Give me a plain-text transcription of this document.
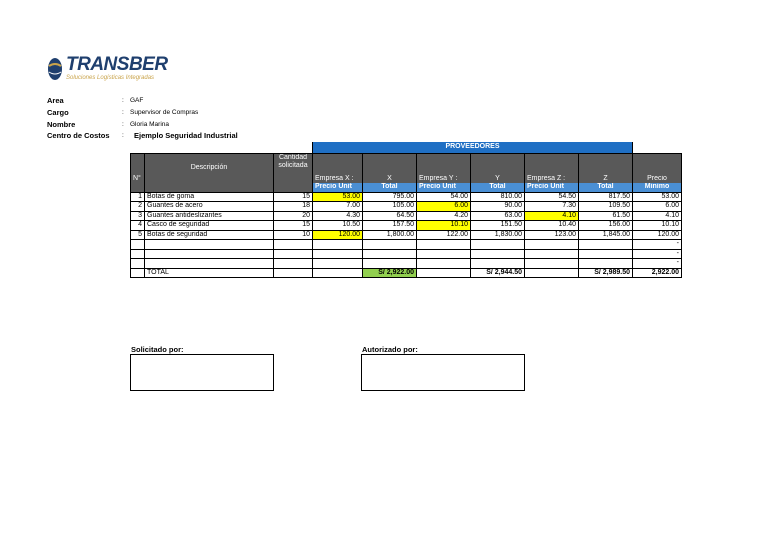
TRANSBER
Soluciones Logísticas Integradas
Area	: GAF
Cargo	: Supervisor de Compras
Nombre	: Gloria Marina
Centro de Costos : Ejemplo Seguridad Industrial
			PROVEEDORES						
N°	Descripción	Cantidad solicitada							
			Empresa X :	X	Empresa Y :	Y	Empresa Z :	Z	Precio
			Precio Unit	Total	Precio Unit	Total	Precio Unit	Total	Minimo
1	Botas de goma	15	53.00	795.00	54.00	810.00	54.50	817.50	53.00
2	Guantes de acero	18	7.00	105.00	6.00	90.00	7.30	109.50	6.00
3	Guantes antideslizantes	20	4.30	64.50	4.20	63.00	4.10	61.50	4.10
4	Casco de seguridad	15	10.50	157.50	10.10	151.50	10.40	156.00	10.10
5	Botas de seguridad	10	120.00	1,800.00	122.00	1,830.00	123.00	1,845.00	120.00
									-
									-
									-
	TOTAL			S/ 2,922.00		S/ 2,944.50		S/ 2,989.50	2,922.00
Solicitado por:	Autorizado por:
